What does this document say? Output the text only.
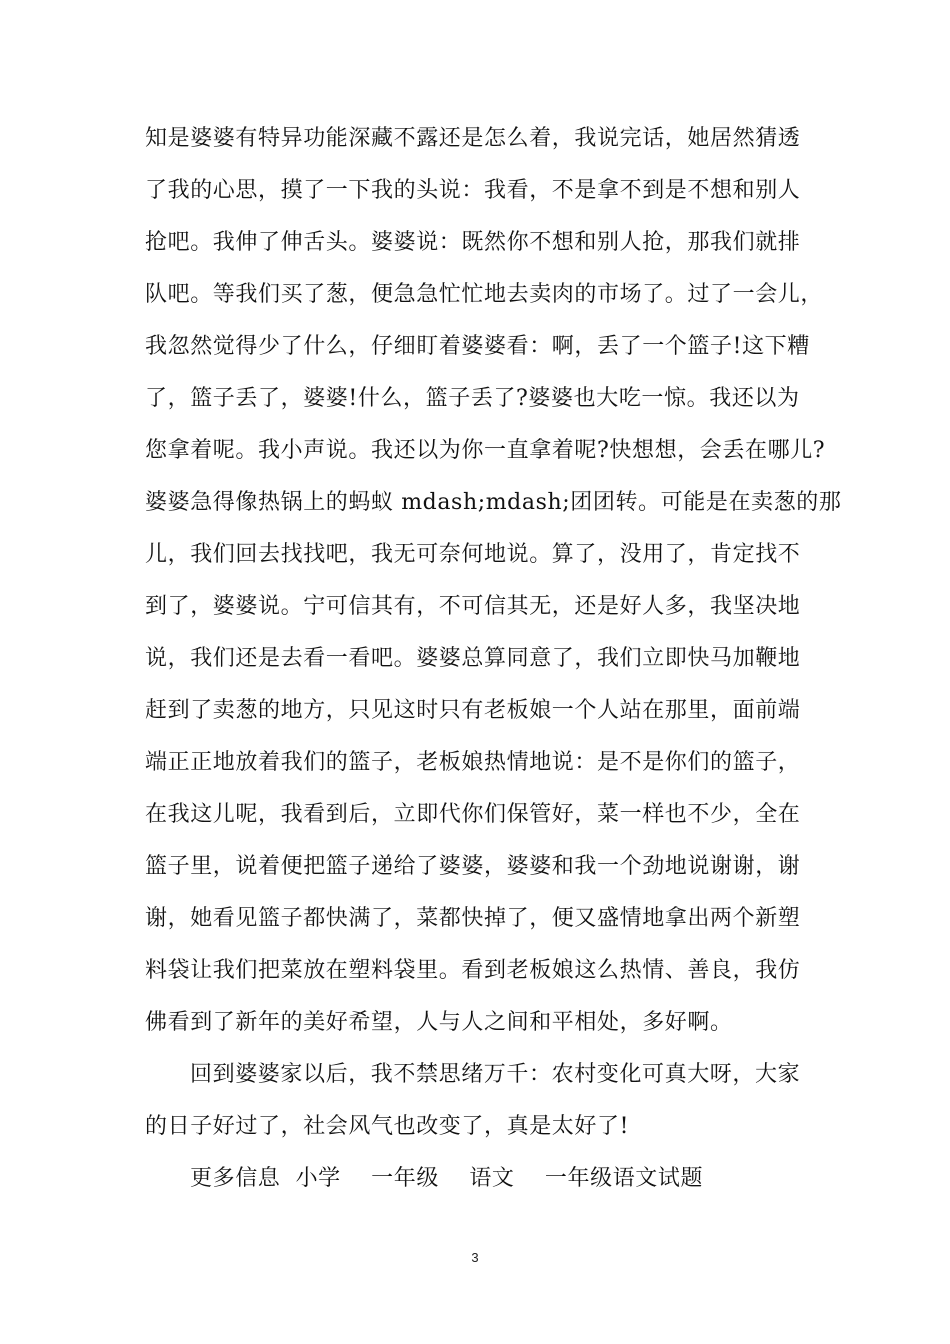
知是婆婆有特异功能深藏不露还是怎么着，我说完话，她居然猜透
了我的心思，摸了一下我的头说：我看，不是拿不到是不想和别人
抢吧。我伸了伸舌头。婆婆说：既然你不想和别人抢，那我们就排
队吧。等我们买了葱，便急急忙忙地去卖肉的市场了。过了一会儿，
我忽然觉得少了什么，仔细盯着婆婆看：啊，丢了一个篮子!这下糟
了，篮子丢了，婆婆!什么，篮子丢了?婆婆也大吃一惊。我还以为
您拿着呢。我小声说。我还以为你一直拿着呢?快想想，会丢在哪儿?
婆婆急得像热锅上的蚂蚁 mdash;mdash;团团转。可能是在卖葱的那
儿，我们回去找找吧，我无可奈何地说。算了，没用了，肯定找不
到了，婆婆说。宁可信其有，不可信其无，还是好人多，我坚决地
说，我们还是去看一看吧。婆婆总算同意了，我们立即快马加鞭地
赶到了卖葱的地方，只见这时只有老板娘一个人站在那里，面前端
端正正地放着我们的篮子，老板娘热情地说：是不是你们的篮子，
在我这儿呢，我看到后，立即代你们保管好，菜一样也不少，全在
篮子里，说着便把篮子递给了婆婆，婆婆和我一个劲地说谢谢，谢
谢，她看见篮子都快满了，菜都快掉了，便又盛情地拿出两个新塑
料袋让我们把菜放在塑料袋里。看到老板娘这么热情、善良，我仿
佛看到了新年的美好希望，人与人之间和平相处，多好啊。
回到婆婆家以后，我不禁思绪万千：农村变化可真大呀，大家
的日子好过了，社会风气也改变了，真是太好了!
更多信息  小学    一年级    语文    一年级语文试题
3
